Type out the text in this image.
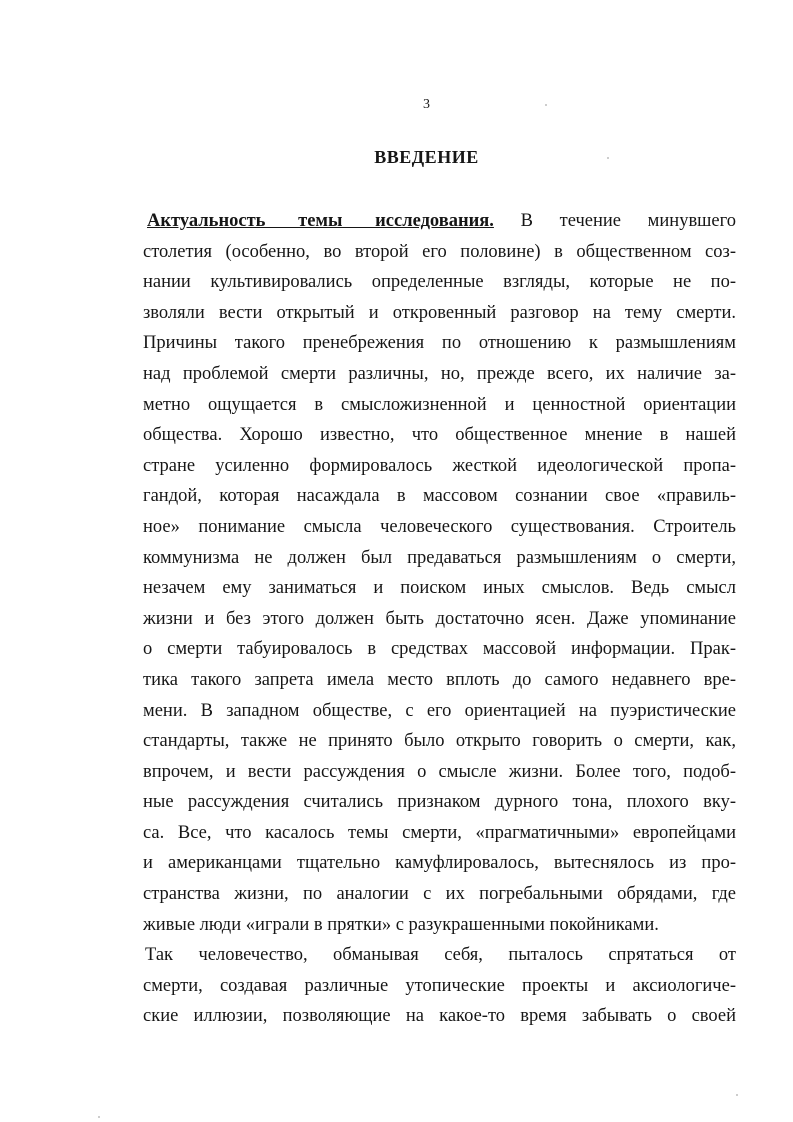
3
ВВЕДЕНИЕ
Актуальность темы исследования. В течение минувшего
столетия (особенно, во второй его половине) в общественном соз-
нании культивировались определенные взгляды, которые не по-
зволяли вести открытый и откровенный разговор на тему смерти.
Причины такого пренебрежения по отношению к размышлениям
над проблемой смерти различны, но, прежде всего, их наличие за-
метно ощущается в смысложизненной и ценностной ориентации
общества. Хорошо известно, что общественное мнение в нашей
стране усиленно формировалось жесткой идеологической пропа-
гандой, которая насаждала в массовом сознании свое «правиль-
ное» понимание смысла человеческого существования. Строитель
коммунизма не должен был предаваться размышлениям о смерти,
незачем ему заниматься и поиском иных смыслов. Ведь смысл
жизни и без этого должен быть достаточно ясен. Даже упоминание
о смерти табуировалось в средствах массовой информации. Прак-
тика такого запрета имела место вплоть до самого недавнего вре-
мени. В западном обществе, с его ориентацией на пуэристические
стандарты, также не принято было открыто говорить о смерти, как,
впрочем, и вести рассуждения о смысле жизни. Более того, подоб-
ные рассуждения считались признаком дурного тона, плохого вку-
са. Все, что касалось темы смерти, «прагматичными» европейцами
и американцами тщательно камуфлировалось, вытеснялось из про-
странства жизни, по аналогии с их погребальными обрядами, где
живые люди «играли в прятки» с разукрашенными покойниками.
Так человечество, обманывая себя, пыталось спрятаться от
смерти, создавая различные утопические проекты и аксиологиче-
ские иллюзии, позволяющие на какое-то время забывать о своей
